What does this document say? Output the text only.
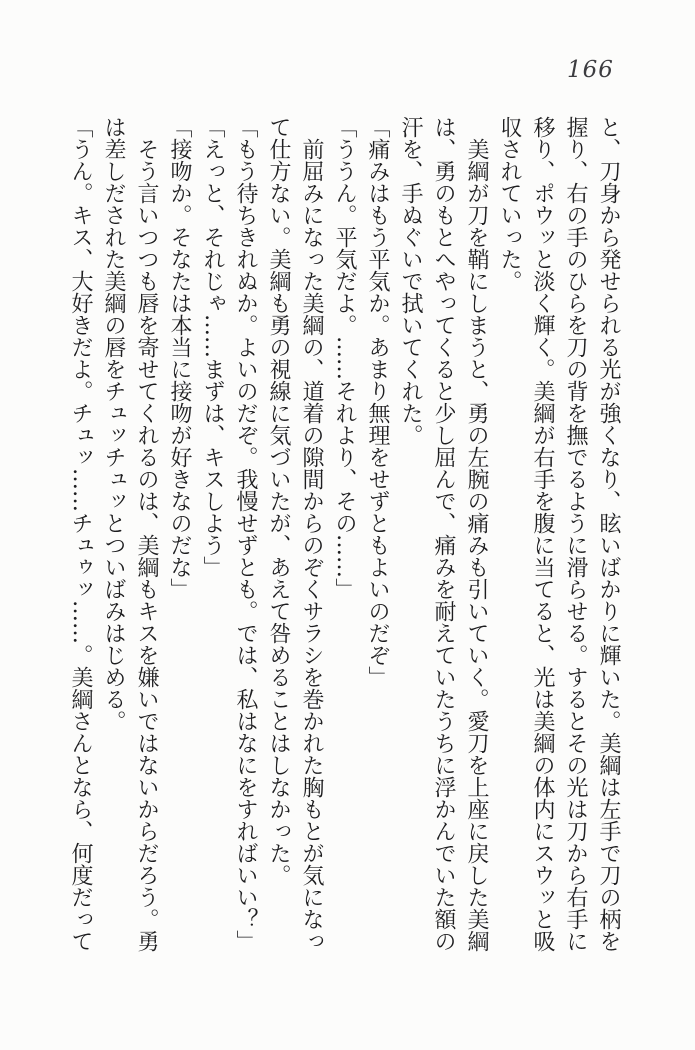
166

と、刀身から発せられる光が強くなり、眩いばかりに輝いた。美綱は左手で刀の柄を

握り、右の手のひらを刀の背を撫でるように滑らせる。するとその光は刀から右手に

移り、ポウッと淡く輝く。美綱が右手を腹に当てると、光は美綱の体内にスウッと吸

収されていった。

　美綱が刀を鞘にしまうと、勇の左腕の痛みも引いていく。愛刀を上座に戻した美綱

は、勇のもとへやってくると少し屈んで、痛みを耐えていたうちに浮かんでいた額の

汗を、手ぬぐいで拭いてくれた。

「痛みはもう平気か。あまり無理をせずともよいのだぞ」

「ううん。平気だよ。……それより、その……」

　前屈みになった美綱の、道着の隙間からのぞくサラシを巻かれた胸もとが気になっ

て仕方ない。美綱も勇の視線に気づいたが、あえて咎めることはしなかった。

「もう待ちきれぬか。よいのだぞ。我慢せずとも。では、私はなにをすればいい？」

「えっと、それじゃ……まずは、キスしよう」

「接吻か。そなたは本当に接吻が好きなのだな」

　そう言いつつも唇を寄せてくれるのは、美綱もキスを嫌いではないからだろう。勇

は差しだされた美綱の唇をチュッチュッとついばみはじめる。

「うん。キス、大好きだよ。チュッ……チュゥッ……。美綱さんとなら、何度だって
